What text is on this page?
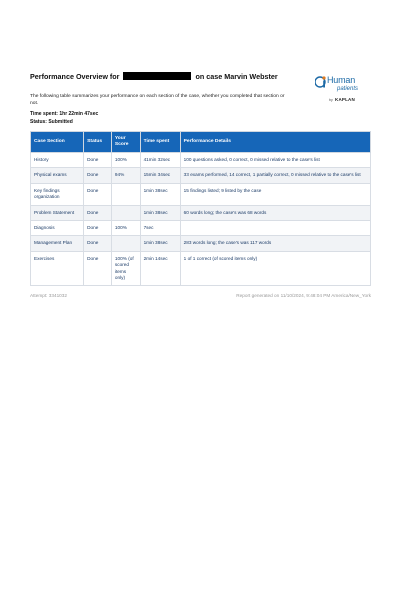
Performance Overview for	on case Marvin Webster	Human
patients
by KAPLAN
The following table summarizes your performance on each section of the case, whether you completed that section or not.
Time spent: 1hr 22min 47sec
Status: Submitted
Case Section	Status	Your Score	Time spent	Performance Details
History	Done	100%	41min 32sec	100 questions asked, 0 correct, 0 missed relative to the case's list
Physical exams	Done	94%	15min 34sec	33 exams performed, 14 correct, 1 partially correct, 0 missed relative to the case's list
Key findings organization	Done		1min 38sec	15 findings listed; 9 listed by the case
Problem Statement	Done		1min 38sec	60 words long; the case's was 68 words
Diagnosis	Done	100%	7sec	
Management Plan	Done		1min 38sec	283 words long; the case's was 117 words
Exercises	Done	100% (of scored items only)	2min 14sec	1 of 1 correct (of scored items only)
Attempt: 3341032	Report generated on 11/10/2024, 9:48:04 PM America/New_York
